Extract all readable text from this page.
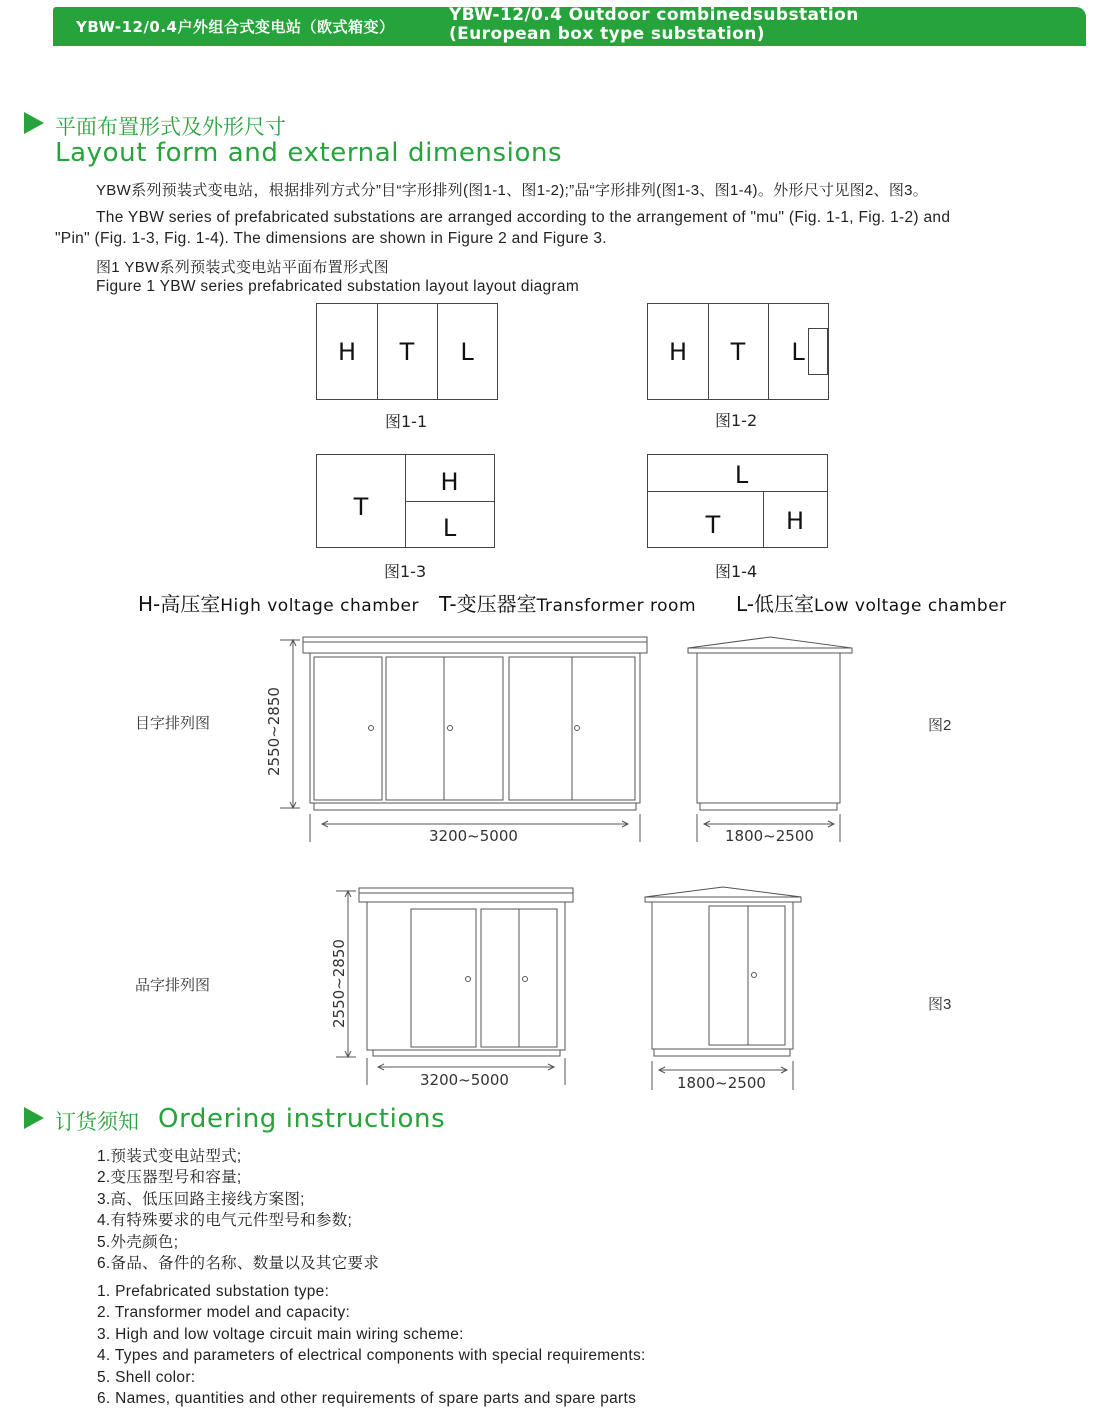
YBW-12/0.4户外组合式变电站（欧式箱变）
YBW-12/0.4 Outdoor combinedsubstation
(European box type substation)
平面布置形式及外形尺寸
Layout form and external dimensions
YBW系列预装式变电站，根据排列方式分”目“字形排列(图1-1、图1-2);”品“字形排列(图1-3、图1-4)。外形尺寸见图2、图3。
The YBW series of prefabricated substations are arranged according to the arrangement of "mu" (Fig. 1-1, Fig. 1-2) and
"Pin" (Fig. 1-3, Fig. 1-4). The dimensions are shown in Figure 2 and Figure 3.
图1 YBW系列预装式变电站平面布置形式图
Figure 1 YBW series prefabricated substation layout layout diagram
H	T	L
图1-1
H	T	L
图1-2
T
H
L
图1-3
L
T	H
图1-4
H-高压室High voltage chamber T-变压器室Transformer room L-低压室Low voltage chamber
2550~2850
3200~5000	1800~2500
2550~2850
3200~5000	1800~2500
目字排列图	图2
品字排列图
图3
订货须知 Ordering instructions
1.预装式变电站型式;
2.变压器型号和容量;
3.高、低压回路主接线方案图;
4.有特殊要求的电气元件型号和参数;
5.外壳颜色;
6.备品、备件的名称、数量以及其它要求
1. Prefabricated substation type:
2. Transformer model and capacity:
3. High and low voltage circuit main wiring scheme:
4. Types and parameters of electrical components with special requirements:
5. Shell color:
6. Names, quantities and other requirements of spare parts and spare parts
